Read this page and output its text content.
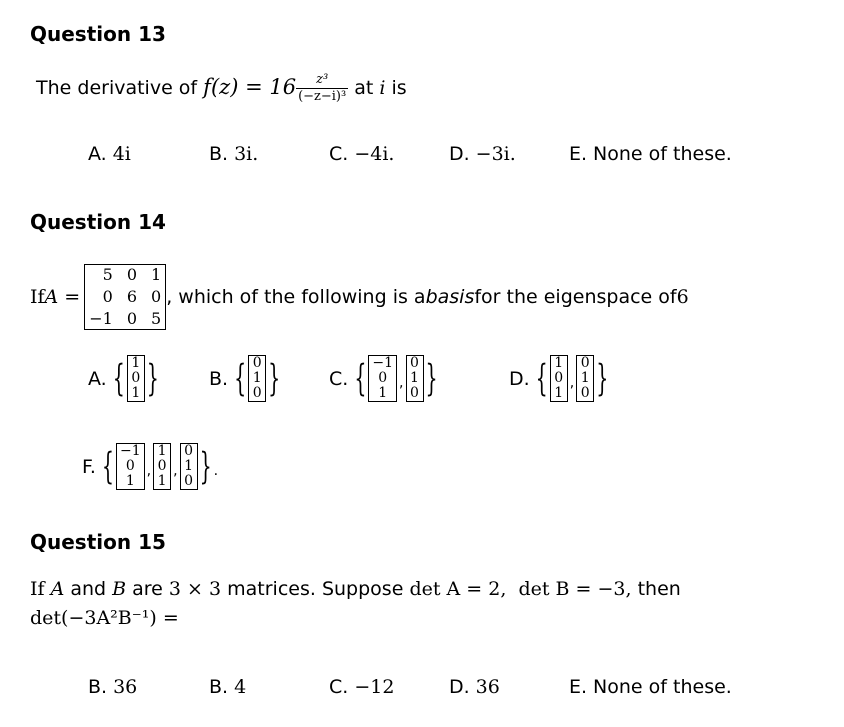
Question 13
The derivative of $f(z) = 16 \frac{\text{z³}}{\text{(−z−i)³}}$ at i is
A. 4i	B. 3i.	C. −4i.	D. −3i.	E. None of these.
Question 14
If A =
5 0 1
0 6 0
−1 0 5
, which of the following is a basis for the eigenspace of 6
A. { 1
0
1 }	B. { 0
1
0 }	C. { −1
0
1
,
0
1
0 }	D. { 1
0
1
,
0
1
0 }
F. { −1
0
1
,
1
0
1
,
0
1
0 } .
Question 15
If A and B are 3 × 3 matrices. Suppose det A = 2, det B = −3, then
det(−3A²B⁻¹) =
B. 36	B. 4	C. −12	D. 36	E. None of these.
